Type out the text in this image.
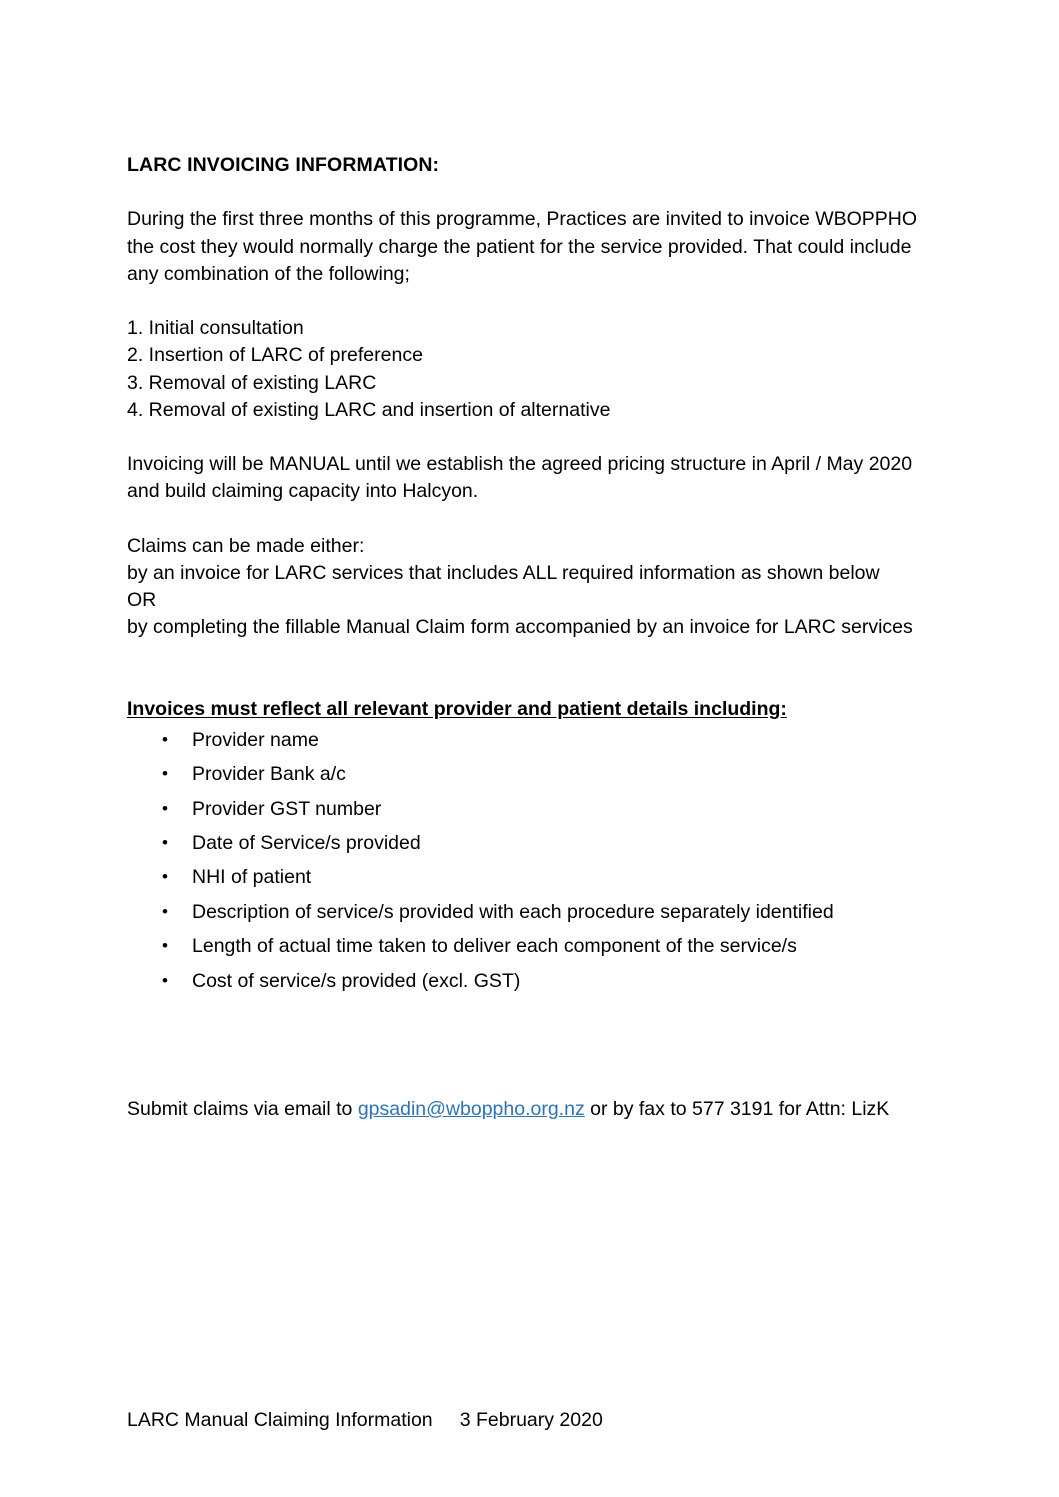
LARC INVOICING INFORMATION:

During the first three months of this programme, Practices are invited to invoice WBOPPHO the cost they would normally charge the patient for the service provided. That could include any combination of the following;

1. Initial consultation
2. Insertion of LARC of preference
3. Removal of existing LARC
4. Removal of existing LARC and insertion of alternative

Invoicing will be MANUAL until we establish the agreed pricing structure in April / May 2020 and build claiming capacity into Halcyon.

Claims can be made either:

by an invoice for LARC services that includes ALL required information as shown below

OR

by completing the fillable Manual Claim form accompanied by an invoice for LARC services

Invoices must reflect all relevant provider and patient details including:

• Provider name
• Provider Bank a/c
• Provider GST number
• Date of Service/s provided
• NHI of patient
• Description of service/s provided with each procedure separately identified
• Length of actual time taken to deliver each component of the service/s
• Cost of service/s provided (excl. GST)

Submit claims via email to gpsadin@wboppho.org.nz or by fax to 577 3191 for Attn: LizK

LARC Manual Claiming Information     3 February 2020
